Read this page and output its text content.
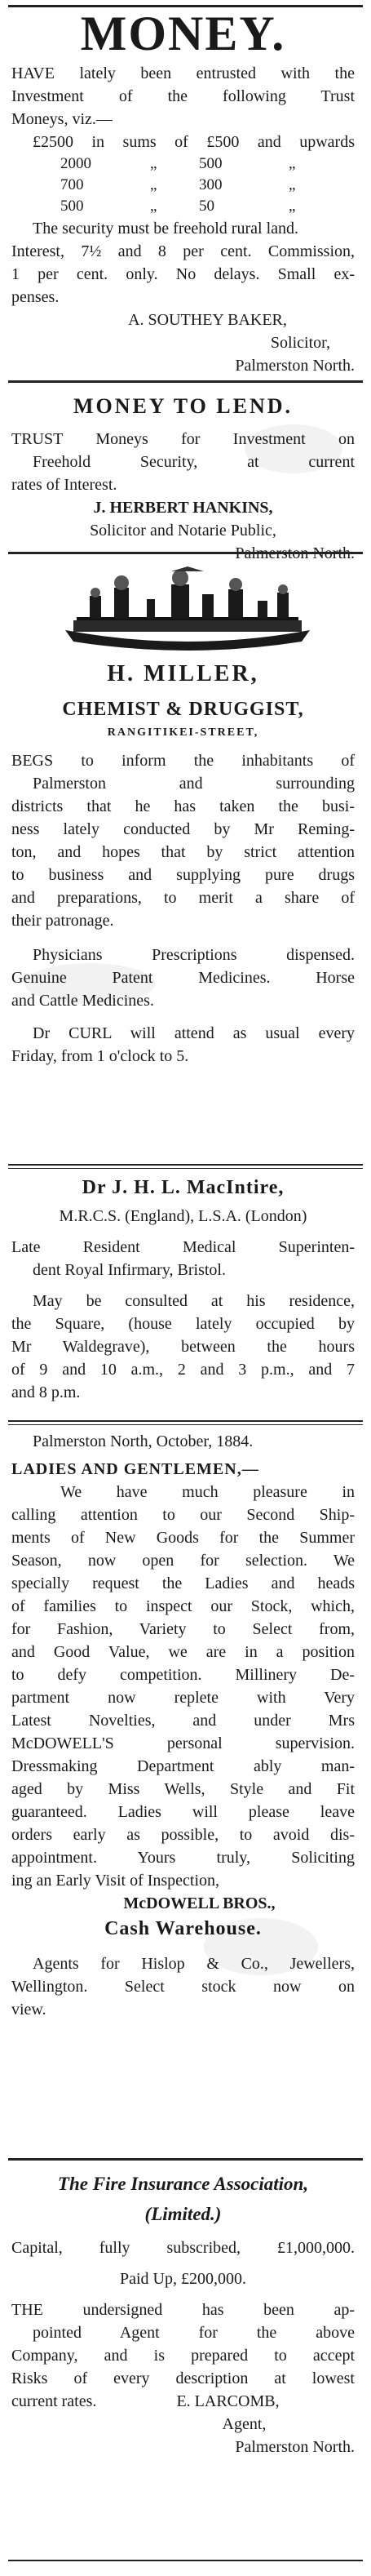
MONEY.
HAVE lately been entrusted with the
Investment of the following Trust
Moneys, viz.—
£2500 in sums of £500 and upwards
2000	„	500	„
700	„	300	„
500	„	50	„
The security must be freehold rural land.
Interest, 7½ and 8 per cent. Commission,
1 per cent. only. No delays. Small ex-
penses.
A. SOUTHEY BAKER,
Solicitor,
Palmerston North.
MONEY TO LEND.
TRUST Moneys for Investment on
Freehold Security, at current
rates of Interest.
J. HERBERT HANKINS,
Solicitor and Notarie Public,
Palmerston North.
H. MILLER,
CHEMIST & DRUGGIST,
RANGITIKEI-STREET,
BEGS to inform the inhabitants of
Palmerston and surrounding
districts that he has taken the busi-
ness lately conducted by Mr Reming-
ton, and hopes that by strict attention
to business and supplying pure drugs
and preparations, to merit a share of
their patronage.
Physicians Prescriptions dispensed.
Genuine Patent Medicines. Horse
and Cattle Medicines.
Dr CURL will attend as usual every
Friday, from 1 o'clock to 5.
Dr J. H. L. MacIntire,
M.R.C.S. (England), L.S.A. (London)
Late Resident Medical Superinten-
dent Royal Infirmary, Bristol.
May be consulted at his residence,
the Square, (house lately occupied by
Mr Waldegrave), between the hours
of 9 and 10 a.m., 2 and 3 p.m., and 7
and 8 p.m.
Palmerston North, October, 1884.
LADIES AND GENTLEMEN,—
We have much pleasure in
calling attention to our Second Ship-
ments of New Goods for the Summer
Season, now open for selection. We
specially request the Ladies and heads
of families to inspect our Stock, which,
for Fashion, Variety to Select from,
and Good Value, we are in a position
to defy competition. Millinery De-
partment now replete with Very
Latest Novelties, and under Mrs
McDOWELL'S personal supervision.
Dressmaking Department ably man-
aged by Miss Wells, Style and Fit
guaranteed. Ladies will please leave
orders early as possible, to avoid dis-
appointment. Yours truly, Soliciting
ing an Early Visit of Inspection,
McDOWELL BROS.,
Cash Warehouse.
Agents for Hislop & Co., Jewellers,
Wellington. Select stock now on
view.
The Fire Insurance Association,
(Limited.)
Capital, fully subscribed, £1,000,000.
Paid Up, £200,000.
THE undersigned has been ap-
pointed Agent for the above
Company, and is prepared to accept
Risks of every description at lowest
current rates.	E. LARCOMB,
Agent,
Palmerston North.
